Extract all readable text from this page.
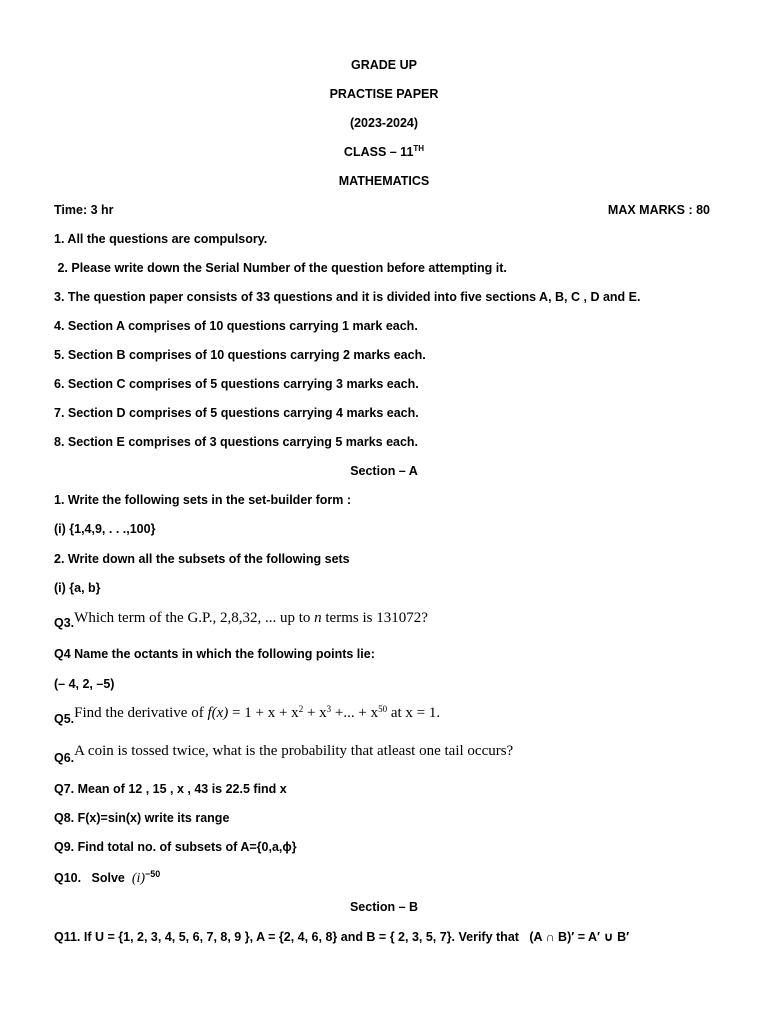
GRADE UP
PRACTISE PAPER
(2023-2024)
CLASS – 11TH
MATHEMATICS
Time: 3 hr	MAX MARKS : 80
1. All the questions are compulsory.
2. Please write down the Serial Number of the question before attempting it.
3. The question paper consists of 33 questions and it is divided into five sections A, B, C , D and E.
4. Section A comprises of 10 questions carrying 1 mark each.
5. Section B comprises of 10 questions carrying 2 marks each.
6. Section C comprises of 5 questions carrying 3 marks each.
7. Section D comprises of 5 questions carrying 4 marks each.
8. Section E comprises of 3 questions carrying 5 marks each.
Section – A
1. Write the following sets in the set-builder form :
(i) {1,4,9, . . .,100}
2. Write down all the subsets of the following sets
(i) {a, b}
Q3.Which term of the G.P., 2,8,32, ... up to n terms is 131072?
Q4 Name the octants in which the following points lie:
(– 4, 2, –5)
Q5.Find the derivative of $f(x) = 1 + x + x^2 + x^3$ +... + $x^{50}$ at x = 1.
Q6.A coin is tossed twice, what is the probability that atleast one tail occurs?
Q7. Mean of 12 , 15 , x , 43 is 22.5 find x
Q8. F(x)=sin(x) write its range
Q9. Find total no. of subsets of A={0,a,ϕ}
Q10.   Solve  $(i)^{-50}$
Section – B
Q11. If U = {1, 2, 3, 4, 5, 6, 7, 8, 9 }, A = {2, 4, 6, 8} and B = { 2, 3, 5, 7}. Verify that   (A ∩ B)′ = A′ ∪ B′
